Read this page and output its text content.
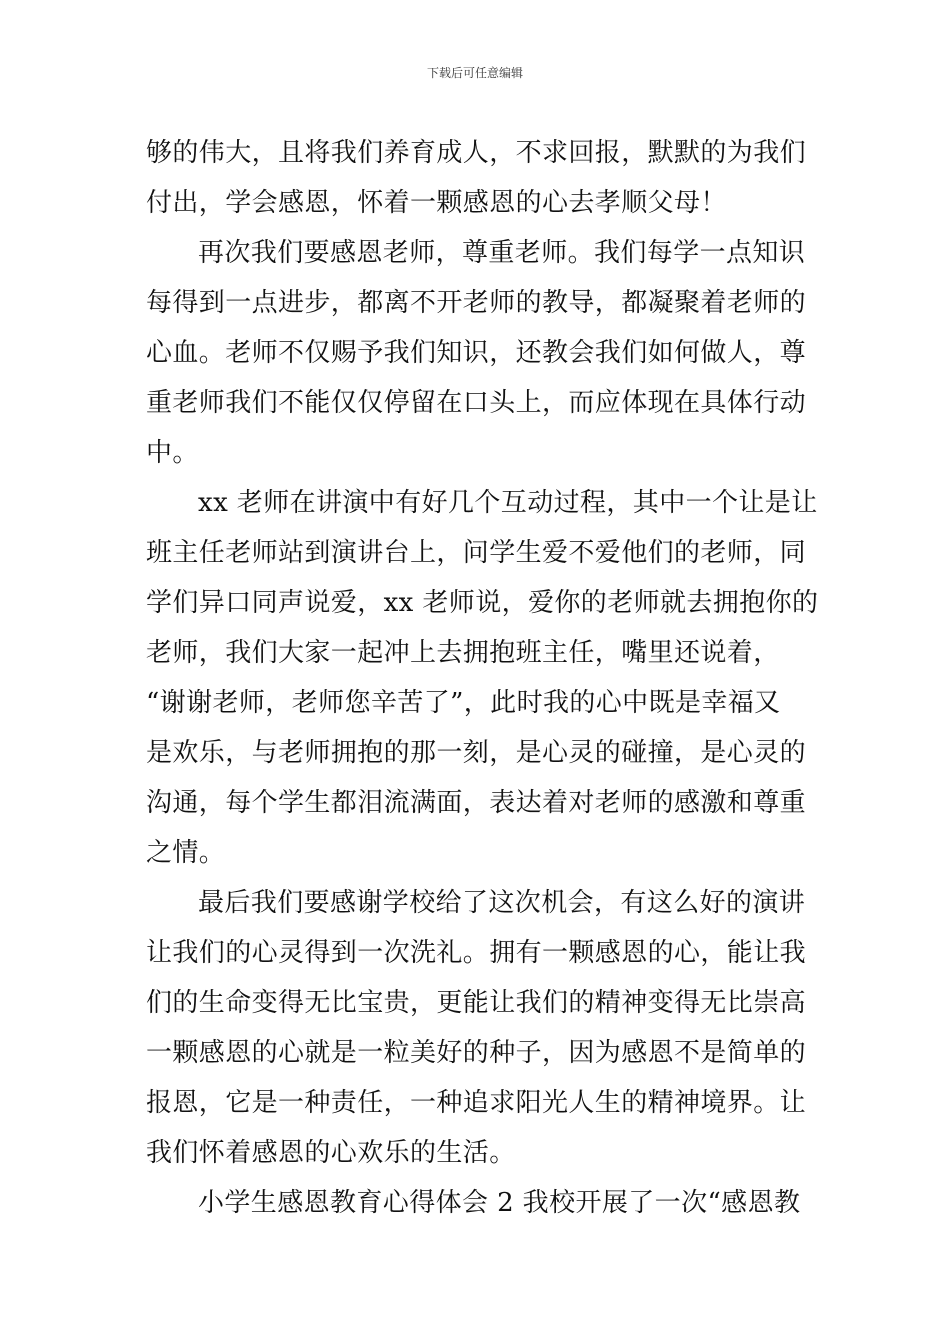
下载后可任意编辑
够的伟大，且将我们养育成人，不求回报，默默的为我们
付出，学会感恩，怀着一颗感恩的心去孝顺父母！
再次我们要感恩老师，尊重老师。我们每学一点知识
每得到一点进步，都离不开老师的教导，都凝聚着老师的
心血。老师不仅赐予我们知识，还教会我们如何做人，尊
重老师我们不能仅仅停留在口头上，而应体现在具体行动
中。
xx 老师在讲演中有好几个互动过程，其中一个让是让
班主任老师站到演讲台上，问学生爱不爱他们的老师，同
学们异口同声说爱，xx 老师说，爱你的老师就去拥抱你的
老师，我们大家一起冲上去拥抱班主任，嘴里还说着，
“谢谢老师，老师您辛苦了”，此时我的心中既是幸福又
是欢乐，与老师拥抱的那一刻，是心灵的碰撞，是心灵的
沟通，每个学生都泪流满面，表达着对老师的感激和尊重
之情。
最后我们要感谢学校给了这次机会，有这么好的演讲
让我们的心灵得到一次洗礼。拥有一颗感恩的心，能让我
们的生命变得无比宝贵，更能让我们的精神变得无比崇高
一颗感恩的心就是一粒美好的种子，因为感恩不是简单的
报恩，它是一种责任，一种追求阳光人生的精神境界。让
我们怀着感恩的心欢乐的生活。
小学生感恩教育心得体会 2 我校开展了一次“感恩教
